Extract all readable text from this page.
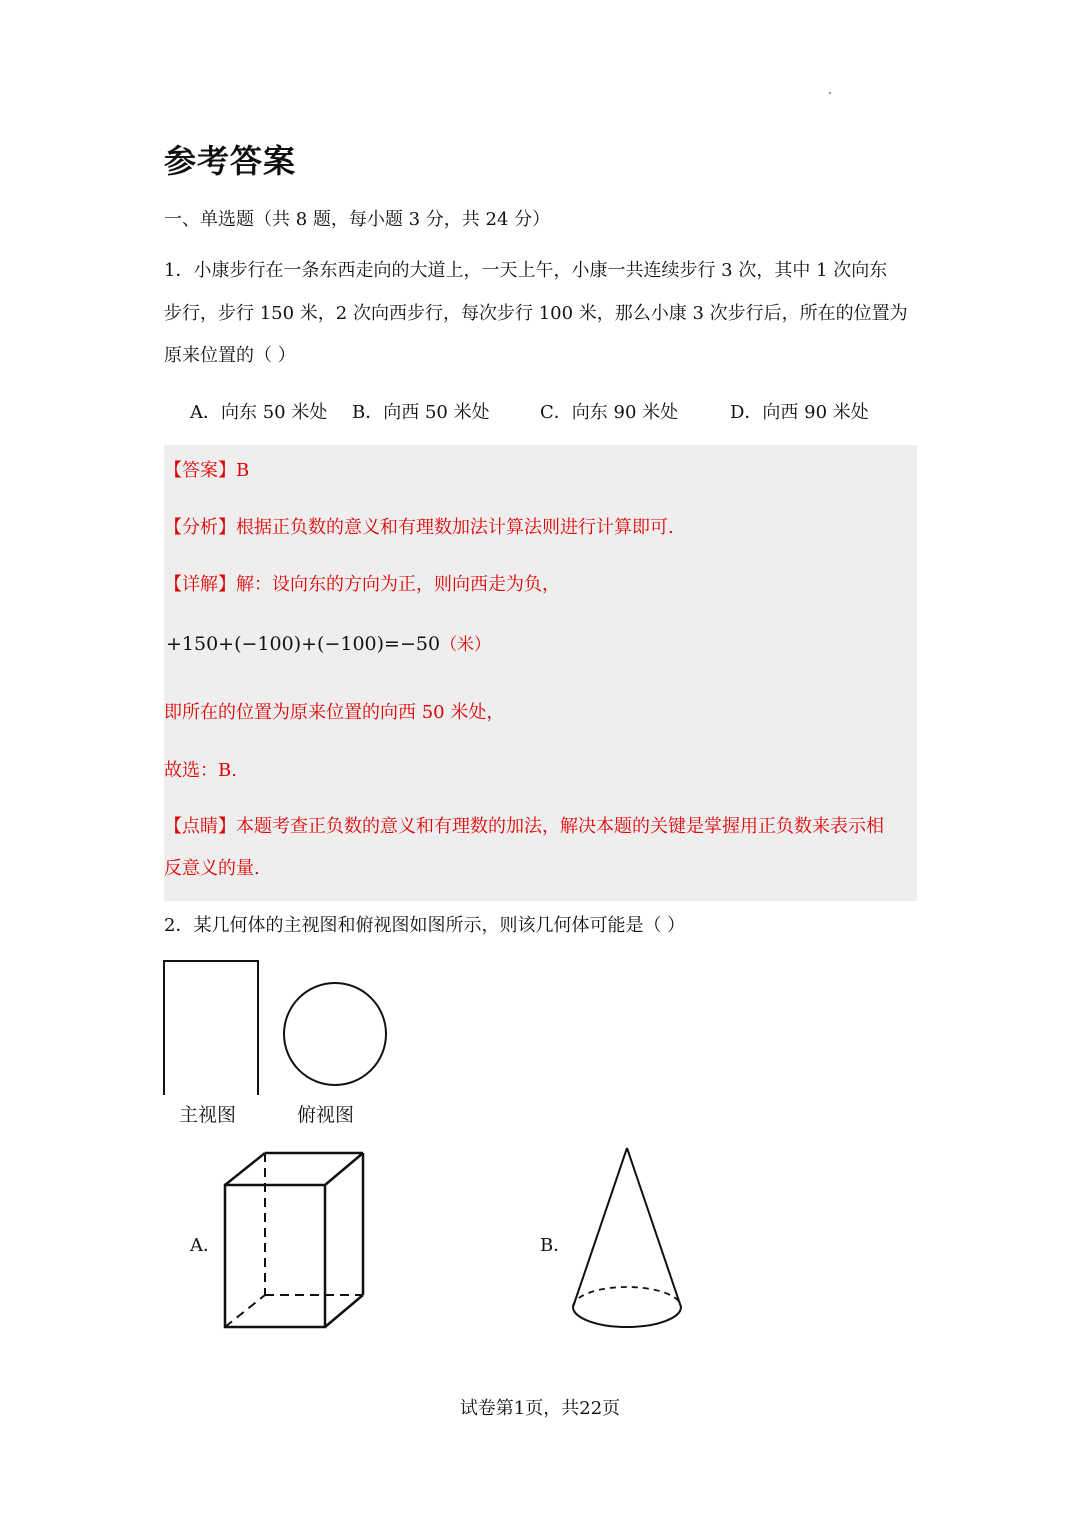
参考答案
一、单选题（共 8 题，每小题 3 分，共 24 分）
1．小康步行在一条东西走向的大道上，一天上午，小康一共连续步行 3 次，其中 1 次向东
步行，步行 150 米，2 次向西步行，每次步行 100 米，那么小康 3 次步行后，所在的位置为
原来位置的（ ）
A．向东 50 米处 B．向西 50 米处	C．向东 90 米处	D．向西 90 米处
【答案】B
【分析】根据正负数的意义和有理数加法计算法则进行计算即可.
【详解】解：设向东的方向为正，则向西走为负，
+150+(−100)+(−100)=−50（米）
即所在的位置为原来位置的向西 50 米处，
故选：B.
【点睛】本题考查正负数的意义和有理数的加法，解决本题的关键是掌握用正负数来表示相
反意义的量.
2．某几何体的主视图和俯视图如图所示，则该几何体可能是（ ）
主视图	俯视图
A．	B．
试卷第1页，共22页
